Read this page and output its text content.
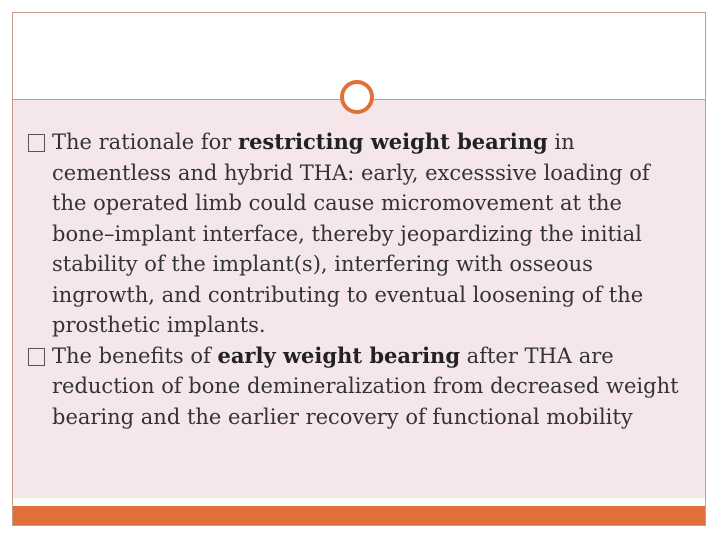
The rationale for restricting weight bearing in cementless and hybrid THA: early, excesssive loading of the operated limb could cause micromovement at the bone–implant interface, thereby jeopardizing the initial stability of the implant(s), interfering with osseous ingrowth, and contributing to eventual loosening of the prosthetic implants.
The benefits of early weight bearing after THA are reduction of bone demineralization from decreased weight bearing and the earlier recovery of functional mobility
